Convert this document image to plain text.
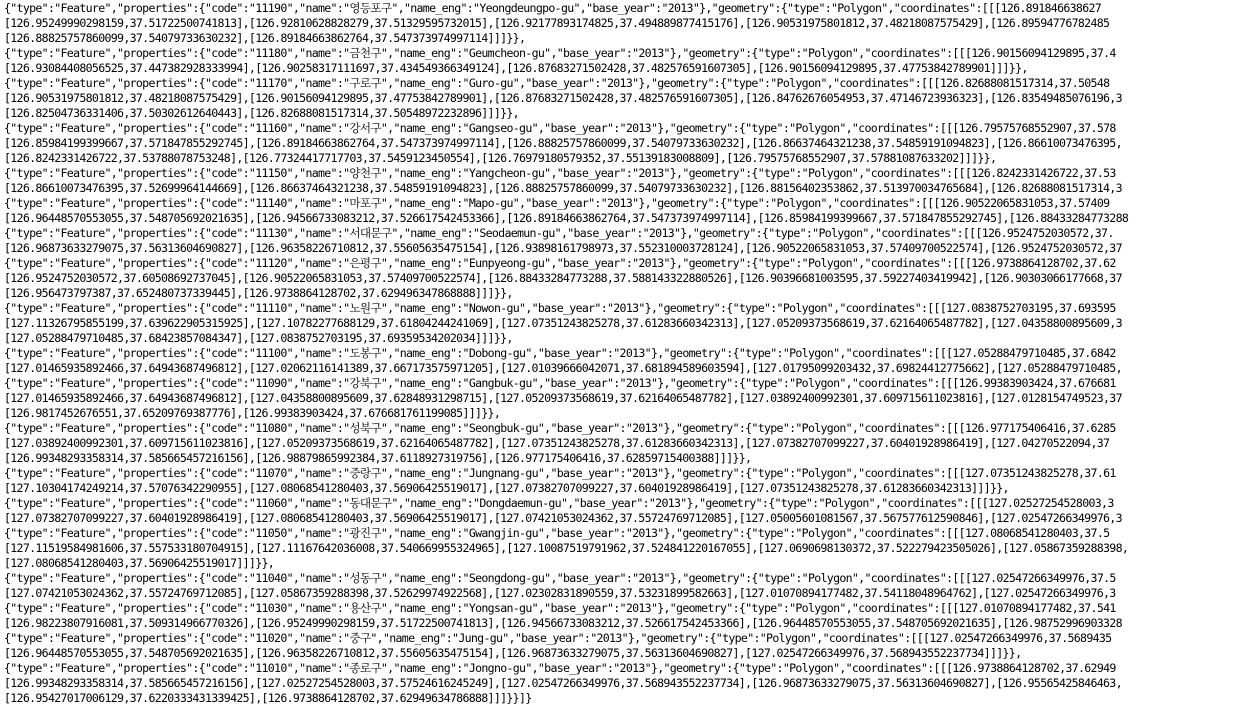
{"type":"Feature","properties":{"code":"11190","name":"영등포구","name_eng":"Yeongdeungpo-gu","base_year":"2013"},"geometry":{"type":"Polygon","coordinates":[[[126.891846638627
[126.95249990298159,37.51722500741813],[126.92810628828279,37.51329595732015],[126.92177893174825,37.494889877415176],[126.90531975801812,37.48218087575429],[126.89594776782485
[126.88825757860099,37.54079733630232],[126.89184663862764,37.547373974997114]]]}},
{"type":"Feature","properties":{"code":"11180","name":"금천구","name_eng":"Geumcheon-gu","base_year":"2013"},"geometry":{"type":"Polygon","coordinates":[[[126.90156094129895,37.4
[126.93084408056525,37.447382928333994],[126.90258317111697,37.434549366349124],[126.87683271502428,37.482576591607305],[126.90156094129895,37.47753842789901]]]}},
{"type":"Feature","properties":{"code":"11170","name":"구로구","name_eng":"Guro-gu","base_year":"2013"},"geometry":{"type":"Polygon","coordinates":[[[126.82688081517314,37.50548
[126.90531975801812,37.48218087575429],[126.90156094129895,37.47753842789901],[126.87683271502428,37.482576591607305],[126.84762676054953,37.47146723936323],[126.83549485076196,3
[126.82504736331406,37.50302612640443],[126.82688081517314,37.50548972232896]]]}},
{"type":"Feature","properties":{"code":"11160","name":"강서구","name_eng":"Gangseo-gu","base_year":"2013"},"geometry":{"type":"Polygon","coordinates":[[[126.79575768552907,37.578
[126.85984199399667,37.571847855292745],[126.89184663862764,37.547373974997114],[126.88825757860099,37.54079733630232],[126.86637464321238,37.54859191094823],[126.86610073476395,
[126.8242331426722,37.53788078753248],[126.77324417717703,37.5459123450554],[126.76979180579352,37.55139183008809],[126.79575768552907,37.57881087633202]]]}},
{"type":"Feature","properties":{"code":"11150","name":"양천구","name_eng":"Yangcheon-gu","base_year":"2013"},"geometry":{"type":"Polygon","coordinates":[[[126.8242331426722,37.53
[126.86610073476395,37.52699964144669],[126.86637464321238,37.54859191094823],[126.88825757860099,37.54079733630232],[126.88156402353862,37.513970034765684],[126.82688081517314,3
{"type":"Feature","properties":{"code":"11140","name":"마포구","name_eng":"Mapo-gu","base_year":"2013"},"geometry":{"type":"Polygon","coordinates":[[[126.90522065831053,37.57409
[126.96448570553055,37.548705692021635],[126.94566733083212,37.526617542453366],[126.89184663862764,37.547373974997114],[126.85984199399667,37.571847855292745],[126.88433284773288
{"type":"Feature","properties":{"code":"11130","name":"서대문구","name_eng":"Seodaemun-gu","base_year":"2013"},"geometry":{"type":"Polygon","coordinates":[[[126.9524752030572,37.
[126.96873633279075,37.56313604690827],[126.96358226710812,37.55605635475154],[126.93898161798973,37.552310003728124],[126.90522065831053,37.57409700522574],[126.9524752030572,37
{"type":"Feature","properties":{"code":"11120","name":"은평구","name_eng":"Eunpyeong-gu","base_year":"2013"},"geometry":{"type":"Polygon","coordinates":[[[126.9738864128702,37.62
[126.9524752030572,37.60508692737045],[126.90522065831053,37.57409700522574],[126.88433284773288,37.588143322880526],[126.90396681003595,37.59227403419942],[126.90303066177668,37
[126.956473797387,37.652480737339445],[126.9738864128702,37.629496347868888]]]}},
{"type":"Feature","properties":{"code":"11110","name":"노원구","name_eng":"Nowon-gu","base_year":"2013"},"geometry":{"type":"Polygon","coordinates":[[[127.0838752703195,37.693595
[127.11326795855199,37.639622905315925],[127.10782277688129,37.61804244241069],[127.07351243825278,37.61283660342313],[127.05209373568619,37.62164065487782],[127.04358800895609,3
[127.05288479710485,37.68423857084347],[127.0838752703195,37.69359534202034]]]}},
{"type":"Feature","properties":{"code":"11100","name":"도봉구","name_eng":"Dobong-gu","base_year":"2013"},"geometry":{"type":"Polygon","coordinates":[[[127.05288479710485,37.6842
[127.01465935892466,37.64943687496812],[127.02062116141389,37.667173575971205],[127.01039666042071,37.681894589603594],[127.01795099203432,37.69824412775662],[127.05288479710485,
{"type":"Feature","properties":{"code":"11090","name":"강북구","name_eng":"Gangbuk-gu","base_year":"2013"},"geometry":{"type":"Polygon","coordinates":[[[126.99383903424,37.676681
[127.01465935892466,37.64943687496812],[127.04358800895609,37.62848931298715],[127.05209373568619,37.62164065487782],[127.03892400992301,37.609715611023816],[127.0128154749523,37
[126.9817452676551,37.65209769387776],[126.99383903424,37.676681761199085]]]}},
{"type":"Feature","properties":{"code":"11080","name":"성북구","name_eng":"Seongbuk-gu","base_year":"2013"},"geometry":{"type":"Polygon","coordinates":[[[126.977175406416,37.6285
[127.03892400992301,37.609715611023816],[127.05209373568619,37.62164065487782],[127.07351243825278,37.61283660342313],[127.07382707099227,37.60401928986419],[127.04270522094,37
[126.99348293358314,37.585665457216156],[126.98879865992384,37.6118927319756],[126.977175406416,37.62859715400388]]]}},
{"type":"Feature","properties":{"code":"11070","name":"중랑구","name_eng":"Jungnang-gu","base_year":"2013"},"geometry":{"type":"Polygon","coordinates":[[[127.07351243825278,37.61
[127.10304174249214,37.57076342290955],[127.08068541280403,37.56906425519017],[127.07382707099227,37.60401928986419],[127.07351243825278,37.61283660342313]]]}},
{"type":"Feature","properties":{"code":"11060","name":"동대문구","name_eng":"Dongdaemun-gu","base_year":"2013"},"geometry":{"type":"Polygon","coordinates":[[[127.02527254528003,3
[127.07382707099227,37.60401928986419],[127.08068541280403,37.56906425519017],[127.07421053024362,37.55724769712085],[127.05005601081567,37.567577612590846],[127.02547266349976,3
{"type":"Feature","properties":{"code":"11050","name":"광진구","name_eng":"Gwangjin-gu","base_year":"2013"},"geometry":{"type":"Polygon","coordinates":[[[127.08068541280403,37.5
[127.11519584981606,37.557533180704915],[127.11167642036008,37.540669955324965],[127.10087519791962,37.524841220167055],[127.0690698130372,37.522279423505026],[127.05867359288398,
[127.08068541280403,37.56906425519017]]]}},
{"type":"Feature","properties":{"code":"11040","name":"성동구","name_eng":"Seongdong-gu","base_year":"2013"},"geometry":{"type":"Polygon","coordinates":[[[127.02547266349976,37.5
[127.07421053024362,37.55724769712085],[127.05867359288398,37.52629974922568],[127.02302831890559,37.53231899582663],[127.01070894177482,37.54118048964762],[127.02547266349976,3
{"type":"Feature","properties":{"code":"11030","name":"용산구","name_eng":"Yongsan-gu","base_year":"2013"},"geometry":{"type":"Polygon","coordinates":[[[127.01070894177482,37.541
[126.98223807916081,37.509314966770326],[126.95249990298159,37.51722500741813],[126.94566733083212,37.526617542453366],[126.96448570553055,37.548705692021635],[126.98752996903328
{"type":"Feature","properties":{"code":"11020","name":"중구","name_eng":"Jung-gu","base_year":"2013"},"geometry":{"type":"Polygon","coordinates":[[[127.02547266349976,37.5689435
[126.96448570553055,37.548705692021635],[126.96358226710812,37.55605635475154],[126.96873633279075,37.56313604690827],[127.02547266349976,37.568943552237734]]]}},
{"type":"Feature","properties":{"code":"11010","name":"종로구","name_eng":"Jongno-gu","base_year":"2013"},"geometry":{"type":"Polygon","coordinates":[[[126.9738864128702,37.62949
[126.99348293358314,37.585665457216156],[127.02527254528003,37.57524616245249],[127.02547266349976,37.568943552237734],[126.96873633279075,37.56313604690827],[126.95565425846463,
[126.95427017006129,37.6220333431339425],[126.9738864128702,37.62949634786888]]]}}]}
